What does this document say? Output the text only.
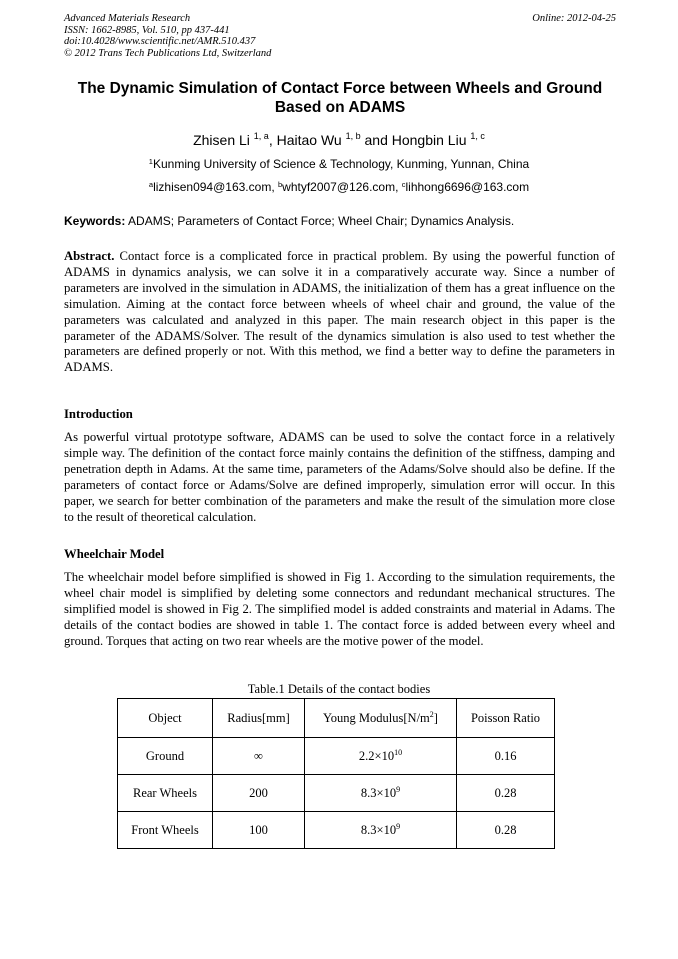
Advanced Materials Research
ISSN: 1662-8985, Vol. 510, pp 437-441
doi:10.4028/www.scientific.net/AMR.510.437
© 2012 Trans Tech Publications Ltd, Switzerland
Online: 2012-04-25
The Dynamic Simulation of Contact Force between Wheels and Ground
Based on ADAMS
Zhisen Li $^{1, a}$, Haitao Wu $^{1, b}$ and Hongbin Liu $^{1, c}$
$^1$Kunming University of Science & Technology, Kunming, Yunnan, China
$^a$lizhisen094@163.com, $^b$whtyf2007@126.com, $^c$lihhong6696@163.com
Keywords: ADAMS; Parameters of Contact Force; Wheel Chair; Dynamics Analysis.

Abstract. Contact force is a complicated force in practical problem. By using the powerful function of ADAMS in dynamics analysis, we can solve it in a comparatively accurate way. Since a number of parameters are involved in the simulation in ADAMS, the initialization of them has a great influence on the simulation. Aiming at the contact force between wheels of wheel chair and ground, the value of the parameters was calculated and analyzed in this paper. The main research object in this paper is the parameter of the ADAMS/Solver. The result of the dynamics simulation is also used to test whether the parameters are defined properly or not. With this method, we find a better way to define the parameters in ADAMS.

Introduction

As powerful virtual prototype software, ADAMS can be used to solve the contact force in a relatively simple way. The definition of the contact force mainly contains the definition of the stiffness, damping and penetration depth in Adams. At the same time, parameters of the Adams/Solve should also be define. If the parameters of contact force or Adams/Solve are defined improperly, simulation error will occur. In this paper, we search for better combination of the parameters and make the result of the simulation more close to the result of theoretical calculation.

Wheelchair Model

The wheelchair model before simplified is showed in Fig 1. According to the simulation requirements, the wheel chair model is simplified by deleting some connectors and redundant mechanical structures. The simplified model is showed in Fig 2. The simplified model is added constraints and material in Adams. The details of the contact bodies are showed in table 1. The contact force is added between every wheel and ground. Torques that acting on two rear wheels are the motive power of the model.

Table.1 Details of the contact bodies
Object	Radius[mm]	Young $Modulus[N/m^2]$	Poisson Ratio
Ground	∞	$2.2\times 10^{10}$	0.16
Rear Wheels	200	$8.3\times 10^9$	0.28
Front Wheels	100	$8.3\times 10^9$	0.28
